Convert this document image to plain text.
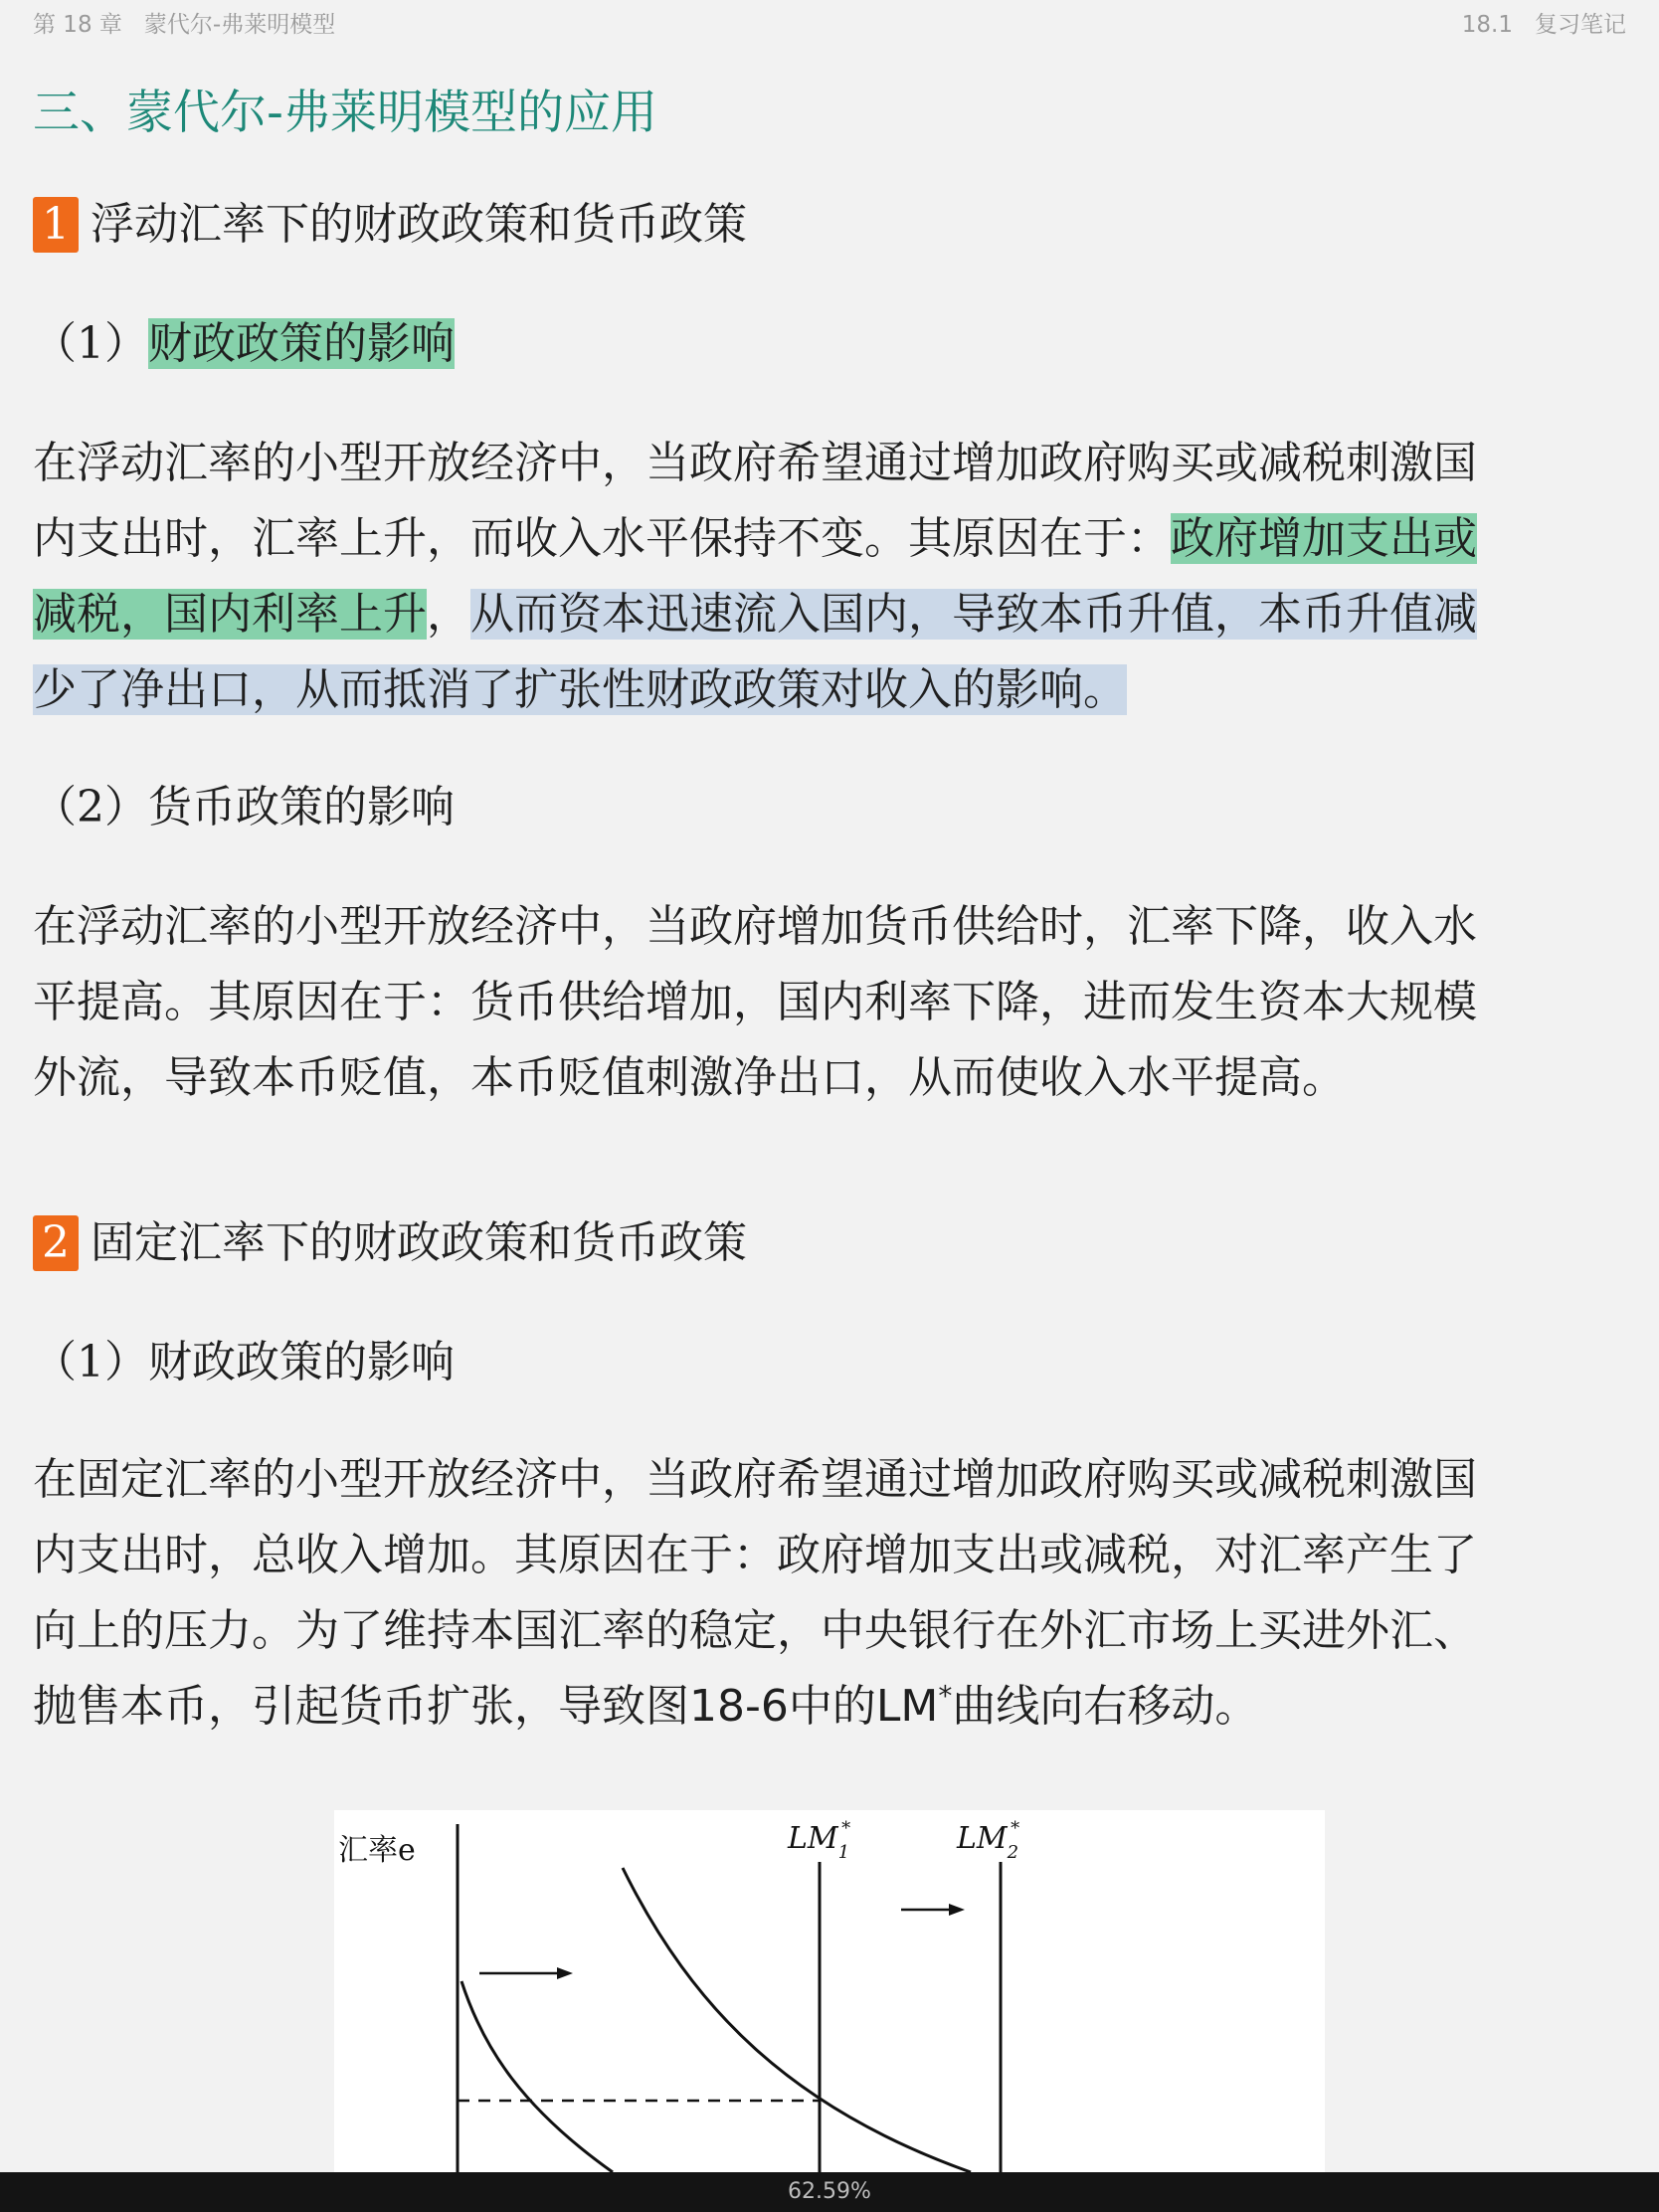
第 18 章 蒙代尔-弗莱明模型	18.1 复习笔记
三、蒙代尔-弗莱明模型的应用
1 浮动汇率下的财政政策和货币政策
（1）财政政策的影响
在浮动汇率的小型开放经济中，当政府希望通过增加政府购买或减税刺激国
内支出时，汇率上升，而收入水平保持不变。其原因在于：政府增加支出或
减税，国内利率上升，从而资本迅速流入国内，导致本币升值，本币升值减
少了净出口，从而抵消了扩张性财政政策对收入的影响。
（2）货币政策的影响
在浮动汇率的小型开放经济中，当政府增加货币供给时，汇率下降，收入水
平提高。其原因在于：货币供给增加，国内利率下降，进而发生资本大规模
外流，导致本币贬值，本币贬值刺激净出口，从而使收入水平提高。
2 固定汇率下的财政政策和货币政策
（1）财政政策的影响
在固定汇率的小型开放经济中，当政府希望通过增加政府购买或减税刺激国
内支出时，总收入增加。其原因在于：政府增加支出或减税，对汇率产生了
向上的压力。为了维持本国汇率的稳定，中央银行在外汇市场上买进外汇、
抛售本币，引起货币扩张，导致图18-6中的LM*曲线向右移动。
汇率e	$LM_1*$	$LM_2*$
62.59%
